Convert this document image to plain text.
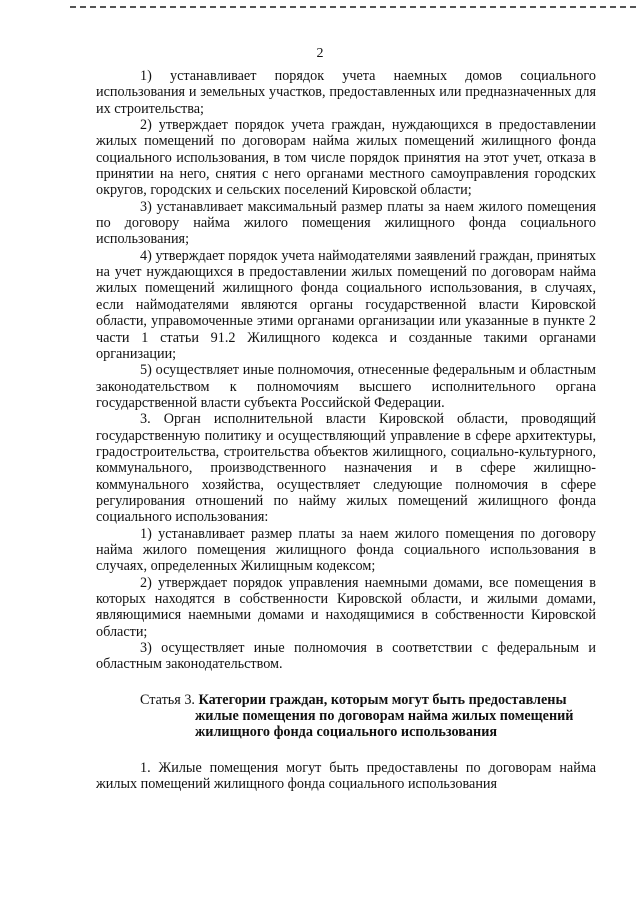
2

1) устанавливает порядок учета наемных домов социального использования и земельных участков, предоставленных или предназначенных для их строительства;

2) утверждает порядок учета граждан, нуждающихся в предоставлении жилых помещений по договорам найма жилых помещений жилищного фонда социального использования, в том числе порядок принятия на этот учет, отказа в принятии на него, снятия с него органами местного самоуправления городских округов, городских и сельских поселений Кировской области;

3) устанавливает максимальный размер платы за наем жилого помещения по договору найма жилого помещения жилищного фонда социального использования;

4) утверждает порядок учета наймодателями заявлений граждан, принятых на учет нуждающихся в предоставлении жилых помещений по договорам найма жилых помещений жилищного фонда социального использования, в случаях, если наймодателями являются органы государственной власти Кировской области, управомоченные этими органами организации или указанные в пункте 2 части 1 статьи 91.2 Жилищного кодекса и созданные такими органами организации;

5) осуществляет иные полномочия, отнесенные федеральным и областным законодательством к полномочиям высшего исполнительного органа государственной власти субъекта Российской Федерации.

3. Орган исполнительной власти Кировской области, проводящий государственную политику и осуществляющий управление в сфере архитектуры, градостроительства, строительства объектов жилищного, социально-культурного, коммунального, производственного назначения и в сфере жилищно-коммунального хозяйства, осуществляет следующие полномочия в сфере регулирования отношений по найму жилых помещений жилищного фонда социального использования:

1) устанавливает размер платы за наем жилого помещения по договору найма жилого помещения жилищного фонда социального использования в случаях, определенных Жилищным кодексом;

2) утверждает порядок управления наемными домами, все помещения в которых находятся в собственности Кировской области, и жилыми домами, являющимися наемными домами и находящимися в собственности Кировской области;

3) осуществляет иные полномочия в соответствии с федеральным и областным законодательством.

Статья 3. Категории граждан, которым могут быть предоставлены
жилые помещения по договорам найма жилых помещений
жилищного фонда социального использования

1. Жилые помещения могут быть предоставлены по договорам найма жилых помещений жилищного фонда социального использования
